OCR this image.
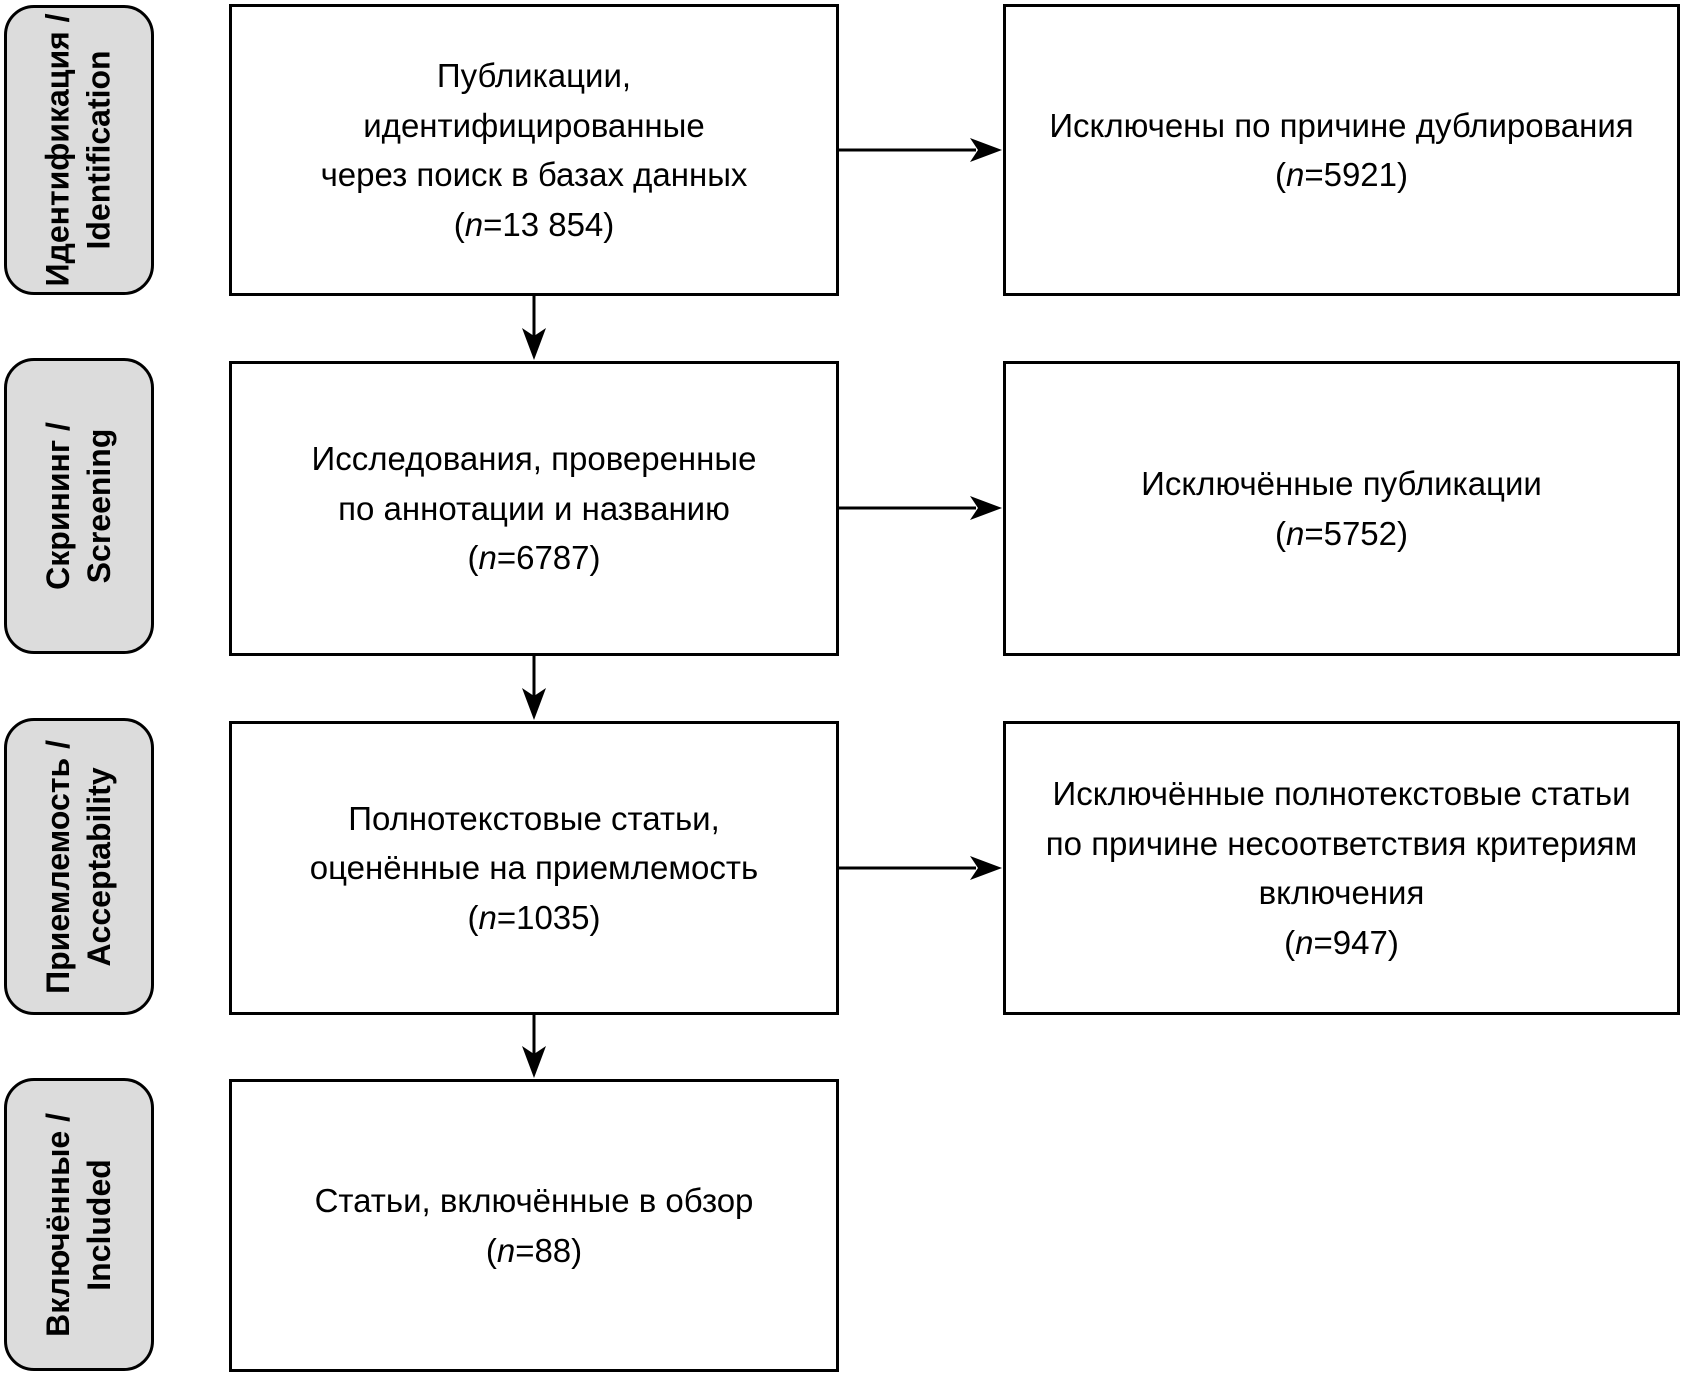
Идентификация / Identification
Скрининг / Screening
Приемлемость / Acceptability
Включённые / Included
Публикации,
идентифицированные
через поиск в базах данных
(n=13 854)
Исследования, проверенные
по аннотации и названию
(n=6787)
Полнотекстовые статьи,
оценённые на приемлемость
(n=1035)
Статьи, включённые в обзор
(n=88)
Исключены по причине дублирования
(n=5921)
Исключённые публикации
(n=5752)
Исключённые полнотекстовые статьи
по причине несоответствия критериям
включения
(n=947)
